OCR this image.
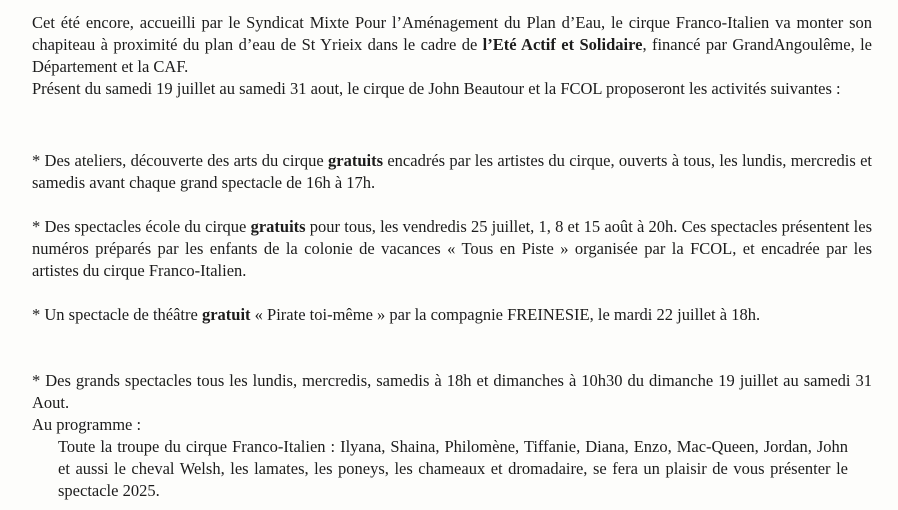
Cet été encore, accueilli par le Syndicat Mixte Pour l’Aménagement du Plan d’Eau, le cirque Franco-Italien va monter son chapiteau à proximité du plan d’eau de St Yrieix dans le cadre de l’Eté Actif et Solidaire, financé par GrandAngoulême, le Département et la CAF.
Présent du samedi 19 juillet au samedi 31 aout, le cirque de John Beautour et la FCOL proposeront les activités suivantes :

* Des ateliers, découverte des arts du cirque gratuits encadrés par les artistes du cirque, ouverts à tous, les lundis, mercredis et samedis avant chaque grand spectacle de 16h à 17h.

* Des spectacles école du cirque gratuits pour tous, les vendredis 25 juillet, 1, 8 et 15 août à 20h. Ces spectacles présentent les numéros préparés par les enfants de la colonie de vacances « Tous en Piste » organisée par la FCOL, et encadrée par les artistes du cirque Franco-Italien.

* Un spectacle de théâtre gratuit « Pirate toi-même » par la compagnie FREINESIE, le mardi 22 juillet à 18h.

* Des grands spectacles tous les lundis, mercredis, samedis à 18h et dimanches à 10h30 du dimanche 19 juillet au samedi 31 Aout.
Au programme :

Toute la troupe du cirque Franco-Italien : Ilyana, Shaina, Philomène, Tiffanie, Diana, Enzo, Mac-Queen, Jordan, John et aussi le cheval Welsh, les lamates, les poneys, les chameaux et dromadaire, se fera un plaisir de vous présenter le spectacle 2025.
